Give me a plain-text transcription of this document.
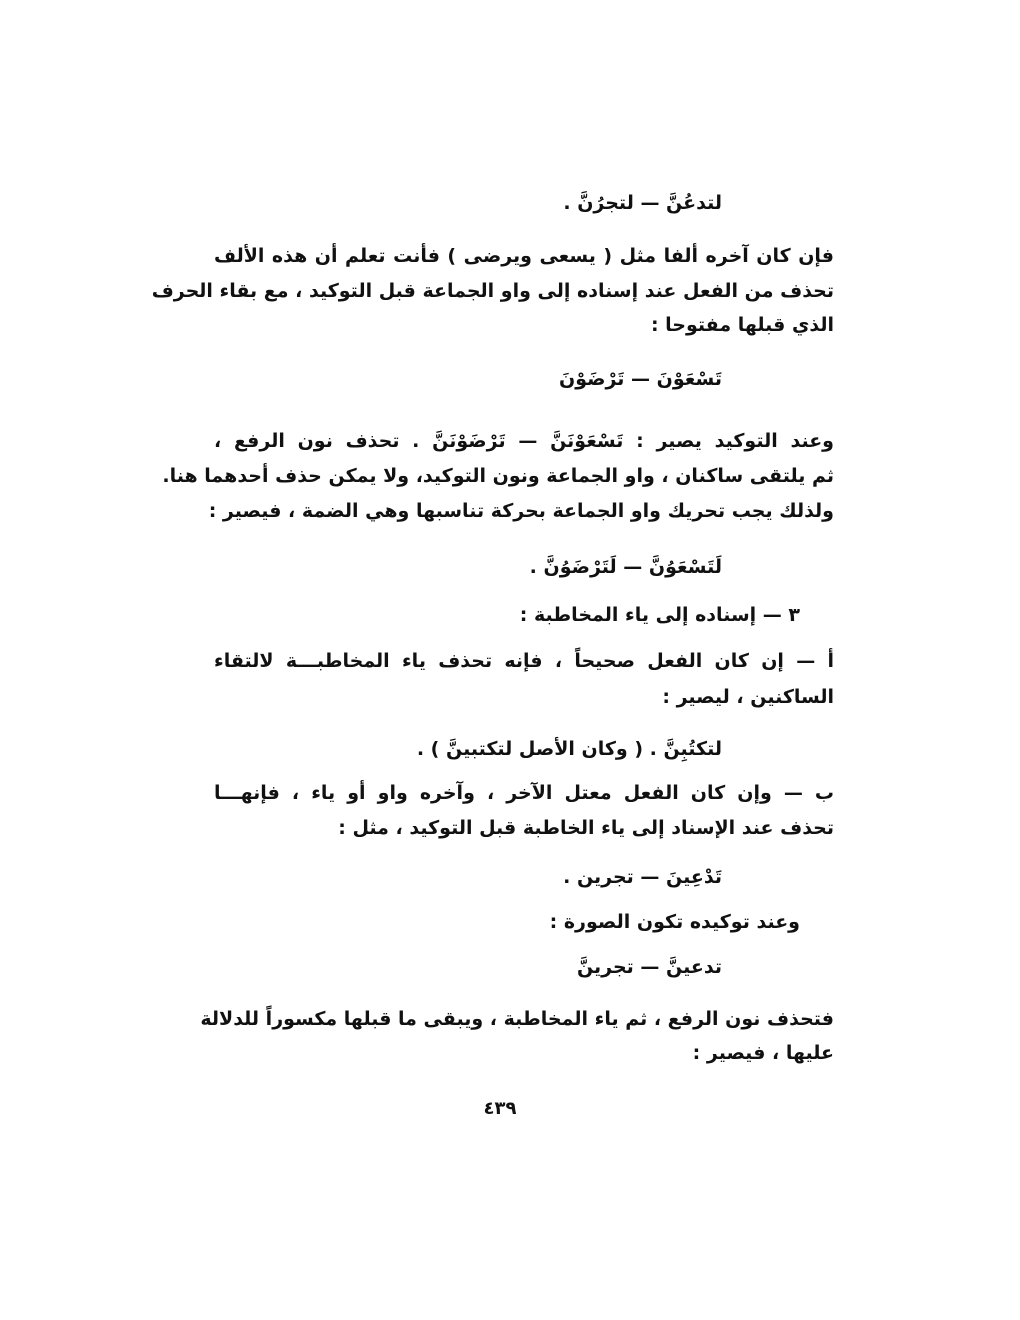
لتدعُنَّ — لتجرُنَّ .
فإن كان آخره ألفا مثل ( يسعى ويرضى ) فأنت تعلم أن هذه الألف
تحذف من الفعل عند إسناده إلى واو الجماعة قبل التوكيد ، مع بقاء الحرف
الذي قبلها مفتوحا :
تَسْعَوْنَ — تَرْضَوْنَ
وعند التوكيد يصير : تَسْعَوْنَنَّ — تَرْضَوْنَنَّ . تحذف نون الرفع ،
ثم يلتقى ساكنان ، واو الجماعة ونون التوكيد، ولا يمكن حذف أحدهما هنا.
ولذلك يجب تحريك واو الجماعة بحركة تناسبها وهي الضمة ، فيصير :
لَتَسْعَوُنَّ — لَتَرْضَوُنَّ .
٣ — إسناده إلى ياء المخاطبة :
أ — إن كان الفعل صحيحاً ، فإنه تحذف ياء المخاطبـــة لالتقاء
الساكنين ، ليصير :
لتكتُبِنَّ . ( وكان الأصل لتكتبينَّ ) .
ب — وإن كان الفعل معتل الآخر ، وآخره واو أو ياء ، فإنهـــا
تحذف عند الإسناد إلى ياء الخاطبة قبل التوكيد ، مثل :
تَدْعِينَ — تجرين .
وعند توكيده تكون الصورة :
تدعينَّ — تجرينَّ
فتحذف نون الرفع ، ثم ياء المخاطبة ، ويبقى ما قبلها مكسوراً للدلالة
عليها ، فيصير :
٤٣٩
